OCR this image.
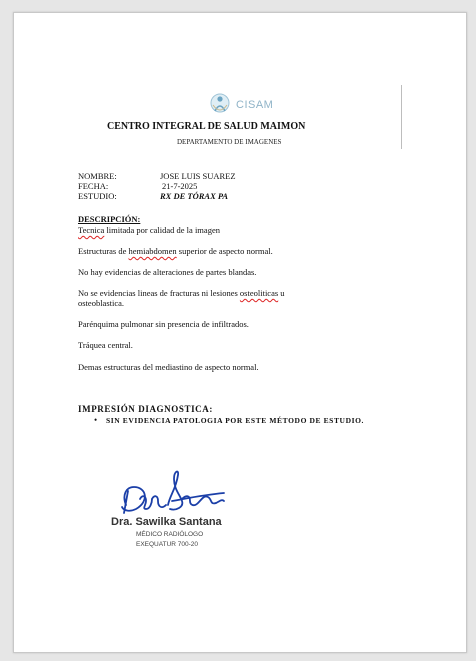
CISAM
CENTRO INTEGRAL DE SALUD MAIMON
DEPARTAMENTO DE IMAGENES
NOMBRE:	JOSE LUIS SUAREZ
FECHA:	21-7-2025
ESTUDIO:	RX DE TÓRAX PA
DESCRIPCIÓN:
Tecnica limitada por calidad de la imagen
Estructuras de hemiabdomen superior de aspecto normal.
No hay evidencias de alteraciones de partes blandas.
No se evidencias lineas de fracturas ni lesiones osteoliticas u
osteoblastica.
Parénquima pulmonar sin presencia de infiltrados.
Tráquea central.
Demas estructuras del mediastino de aspecto normal.
IMPRESIÓN DIAGNOSTICA:
• SIN EVIDENCIA PATOLOGIA POR ESTE MÉTODO DE ESTUDIO.
Dra. Sawilka Santana
MÉDICO RADIÓLOGO
EXEQUATUR 700-20
